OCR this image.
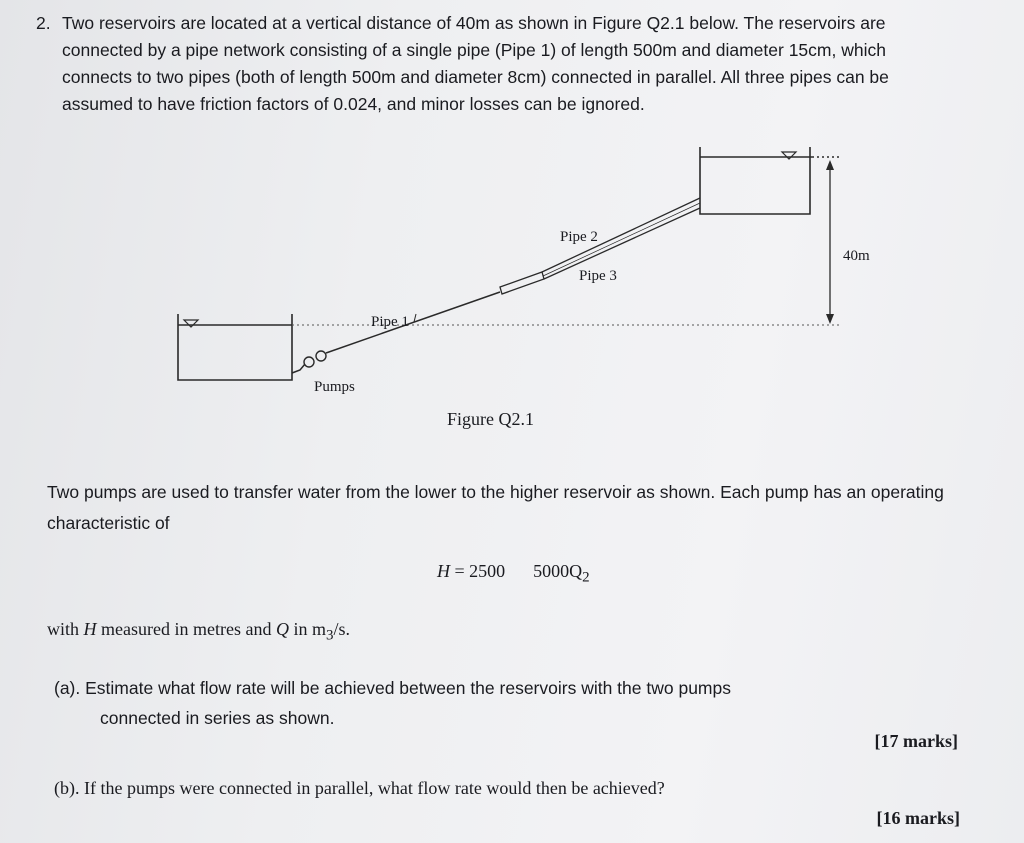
2. Two reservoirs are located at a vertical distance of 40m as shown in Figure Q2.1 below. The reservoirs are connected by a pipe network consisting of a single pipe (Pipe 1) of length 500m and diameter 15cm, which connects to two pipes (both of length 500m and diameter 8cm) connected in parallel. All three pipes can be assumed to have friction factors of 0.024, and minor losses can be ignored.
40m
Pumps
Pipe 1
Pipe 2
Pipe 3
Figure Q2.1
Two pumps are used to transfer water from the lower to the higher reservoir as shown. Each pump has an operating characteristic of
H = 2500 $5000Q_2$
with H measured in metres and Q in $m_3/s$.
(a). Estimate what flow rate will be achieved between the reservoirs with the two pumps
connected in series as shown.
[17 marks]
(b). If the pumps were connected in parallel, what flow rate would then be achieved?
[16 marks]
